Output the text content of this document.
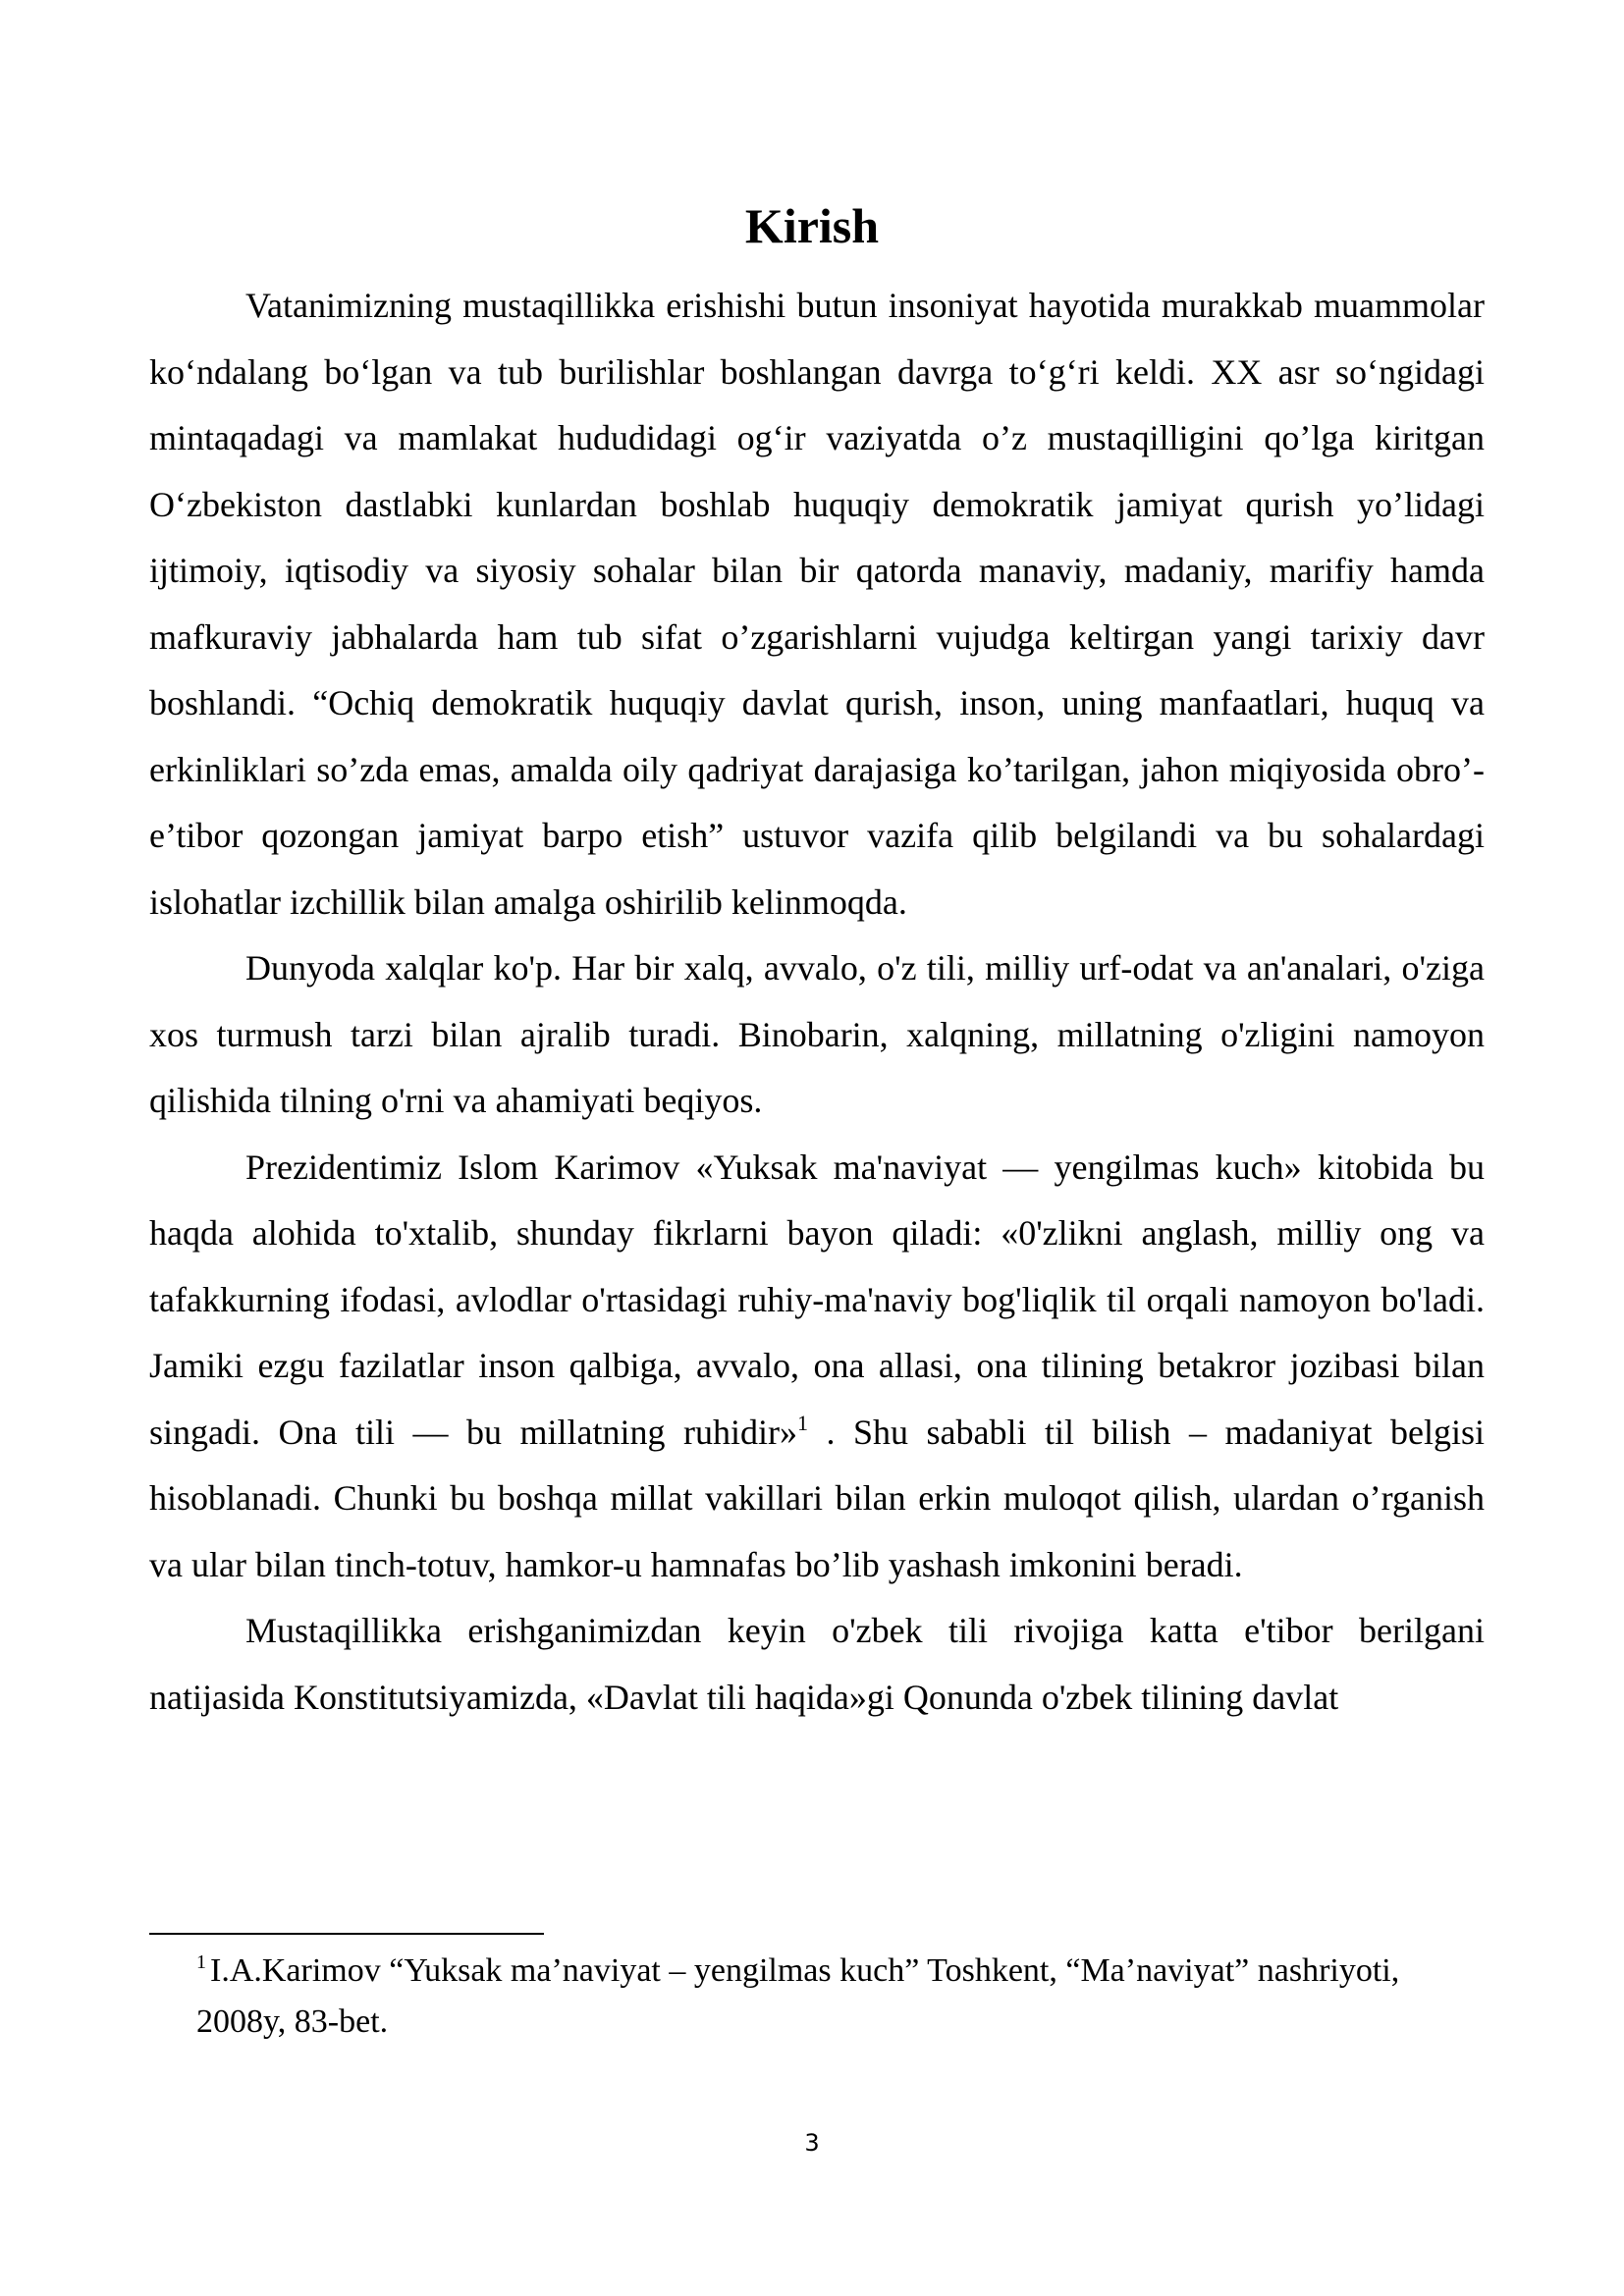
Kirish

Vatanimizning mustaqillikka erishishi butun insoniyat hayotida murakkab muammolar ko‘ndalang bo‘lgan va tub burilishlar boshlangan davrga to‘g‘ri keldi. XX asr so‘ngidagi mintaqadagi va mamlakat hududidagi og‘ir vaziyatda o’z mustaqilligini qo’lga kiritgan O‘zbekiston dastlabki kunlardan boshlab huquqiy demokratik jamiyat qurish yo’lidagi ijtimoiy, iqtisodiy va siyosiy sohalar bilan bir qatorda manaviy, madaniy, marifiy hamda mafkuraviy jabhalarda ham tub sifat o’zgarishlarni vujudga keltirgan yangi tarixiy davr boshlandi. “Ochiq demokratik huquqiy davlat qurish, inson, uning manfaatlari, huquq va erkinliklari so’zda emas, amalda oily qadriyat darajasiga ko’tarilgan, jahon miqiyosida obro’-e’tibor qozongan jamiyat barpo etish” ustuvor vazifa qilib belgilandi va bu sohalardagi islohatlar izchillik bilan amalga oshirilib kelinmoqda.

Dunyoda xalqlar ko'p. Har bir xalq, avvalo, o'z tili, milliy urf-odat va an'analari, o'ziga xos turmush tarzi bilan ajralib turadi. Binobarin, xalqning, millatning o'zligini namoyon qilishida tilning o'rni va ahamiyati beqiyos.

Prezidentimiz Islom Karimov «Yuksak ma'naviyat — yengilmas kuch» kitobida bu haqda alohida to'xtalib, shunday fikrlarni bayon qiladi: «0'zlikni anglash, milliy ong va tafakkurning ifodasi, avlodlar o'rtasidagi ruhiy-ma'naviy bog'liqlik til orqali namoyon bo'ladi. Jamiki ezgu fazilatlar inson qalbiga, avvalo, ona allasi, ona tilining betakror jozibasi bilan singadi. Ona tili — bu millatning ruhidir»$^1$ . Shu sababli til bilish – madaniyat belgisi hisoblanadi. Chunki bu boshqa millat vakillari bilan erkin muloqot qilish, ulardan o’rganish va ular bilan tinch-totuv, hamkor-u hamnafas bo’lib yashash imkonini beradi.

Mustaqillikka erishganimizdan keyin o'zbek tili rivojiga katta e'tibor berilgani natijasida Konstitutsiyamizda, «Davlat tili haqida»gi Qonunda o'zbek tilining davlat

$^1$ I.A.Karimov “Yuksak ma’naviyat – yengilmas kuch” Toshkent, “Ma’naviyat” nashriyoti, 2008y, 83-bet.
3
